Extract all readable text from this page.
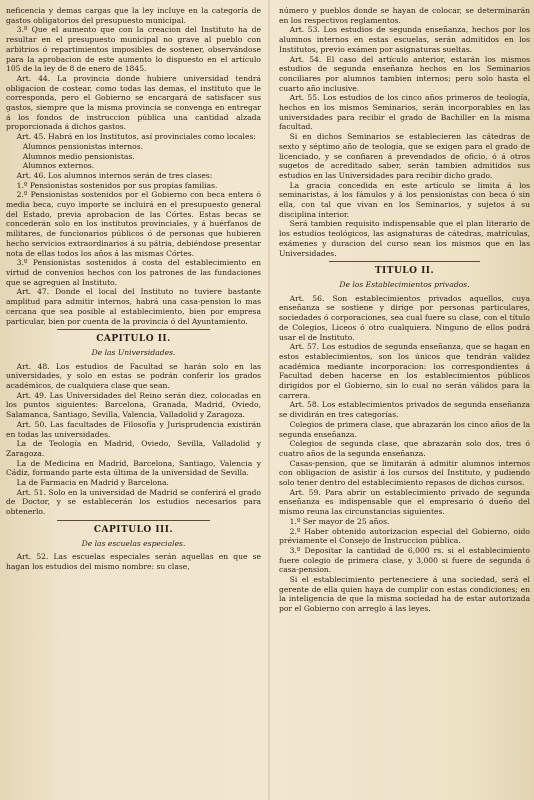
neficencia y demas cargas que la ley incluye en la categoría de gastos obligatorios del presupuesto municipal.

3.º Que el aumento que con la creacion del Instituto ha de resultar en el presupuesto municipal no grave al pueblo con arbitrios ó repartimientos imposibles de sostener, observándose para la aprobacion de este aumento lo dispuesto en el artículo 105 de la ley de 8 de enero de 1845.

Art. 44. La provincia donde hubiere universidad tendrá obligacion de costear, como todas las demas, el instituto que le corresponda, pero el Gobierno se encargará de satisfacer sus gastos, siempre que la misma provincia se convenga en entregar á los fondos de instruccion pública una cantidad alzada proporcionada á dichos gastos.

Art. 45. Habrá en los Institutos, así provinciales como locales:

Alumnos pensionistas internos.

Alumnos medio pensionistas.

Alumnos externos.

Art. 46. Los alumnos internos serán de tres clases:

1.º Pensionistas sostenidos por sus propias familias.

2.º Pensionistas sostenidos por el Gobierno con beca entera ó media beca, cuyo importe se incluirá en el presupuesto general del Estado, previa aprobacion de las Córtes. Estas becas se concederán solo en los institutos provinciales, y á huérfanos de militares, de funcionarios públicos ó de personas que hubieren hecho servicios extraordinarios á su pátria, debiéndose presentar nota de ellas todos los años á las mismas Córtes.

3.º Pensionistas sostenidos á costa del establecimiento en virtud de convenios hechos con los patrones de las fundaciones que se agreguen al Instituto.

Art. 47. Donde el local del Instituto no tuviere bastante amplitud para admitir internos, habrá una casa-pension lo mas cercana que sea posible al establecimiento, bien por empresa particular, bien por cuenta de la provincia ó del Ayuntamiento.

CAPITULO II.
De las Universidades.

Art. 48. Los estudios de Facultad se harán solo en las universidades, y solo en estas se podrán conferir los grados académicos, de cualquiera clase que sean.

Art. 49. Las Universidades del Reino serán diez, colocadas en los puntos siguientes: Barcelona, Granada, Madrid, Oviedo, Salamanca, Santiago, Sevilla, Valencia, Valladolid y Zaragoza.

Art. 50. Las facultades de Filosofía y Jurisprudencia existirán en todas las universidades.

La de Teología en Madrid, Oviedo, Sevilla, Valladolid y Zaragoza.

La de Medicina en Madrid, Barcelona, Santiago, Valencia y Cádiz, formando parte esta última de la universidad de Sevilla.

La de Farmacia en Madrid y Barcelona.

Art. 51. Solo en la universidad de Madrid se conferirá el grado de Doctor, y se establecerán los estudios necesarios para obtenerlo.

CAPITULO III.
De las escuelas especiales.

Art. 52. Las escuelas especiales serán aquellas en que se hagan los estudios del mismo nombre: su clase,

número y pueblos donde se hayan de colocar, se determinarán en los respectivos reglamentos.

Art. 53. Los estudios de segunda enseñanza, hechos por los alumnos internos en estas escuelas, serán admitidos en los Institutos, previo exámen por asignaturas sueltas.

Art. 54. El caso del artículo anterior, estarán los mismos estudios de segunda enseñanza hechos en los Seminarios conciliares por alumnos tambien internos; pero solo hasta el cuarto año inclusive.

Art. 55. Los estudios de los cinco años primeros de teología, hechos en los mismos Seminarios, serán incorporables en las universidades para recibir el grado de Bachiller en la misma facultad.

Si en dichos Seminarios se establecieren las cátedras de sexto y séptimo año de teología, que se exigen para el grado de licenciado, y se confiaren á prevendados de oficio, ó á otros sugetos de acreditado saber, serán tambien admitidos sus estudios en las Universidades para recibir dicho grado.

La gracia concedida en este artículo se limita á los seminaristas, á los fámulos y á los pensionistas con beca ó sin ella, con tal que vivan en los Seminarios, y sujetos á su disciplina interior.

Será tambien requisito indispensable que el plan literario de los estudios teológicos, las asignaturas de cátedras, matrículas, exámenes y duracion del curso sean los mismos que en las Universidades.

TITULO II.
De los Establecimientos privados.

Art. 56. Son establecimientos privados aquellos, cuya enseñanza se sostiene y dirige por personas particulares, sociedades ó corporaciones, sea cual fuere su clase, con el título de Colegios, Liceos ó otro cualquiera. Ninguno de ellos podrá usar el de Instituto.

Art. 57. Los estudios de segunda enseñanza, que se hagan en estos establecimientos, son los únicos que tendrán validez académica mediante incorporacion: los correspondientes á Facultad deben hacerse en los establecimientos públicos dirigidos por el Gobierno, sin lo cual no serán válidos para la carrera.

Art. 58. Los establecimientos privados de segunda enseñanza se dividirán en tres categorías.

Colegios de primera clase, que abrazarán los cinco años de la segunda enseñanza.

Colegios de segunda clase, que abrazarán solo dos, tres ó cuatro años de la segunda enseñanza.

Casas-pension, que se limitarán á admitir alumnos internos con obligacion de asistir á los cursos del Instituto, y pudiendo solo tener dentro del establecimiento repasos de dichos cursos.

Art. 59. Para abrir un establecimiento privado de segunda enseñanza es indispensable que el empresario ó dueño del mismo reuna las circunstancias siguientes.

1.º Ser mayor de 25 años.

2.º Haber obtenido autorizacion especial del Gobierno, oido préviamente el Consejo de Instruccion pública.

3.º Depositar la cantidad de 6,000 rs. si el establecimiento fuere colegio de primera clase, y 3,000 si fuere de segunda ó casa-pension.

Si el establecimiento perteneciere á una sociedad, será el gerente de ella quien haya de cumplir con estas condiciones; en la inteligencia de que la misma sociedad ha de estar autorizada por el Gobierno con arreglo á las leyes.
